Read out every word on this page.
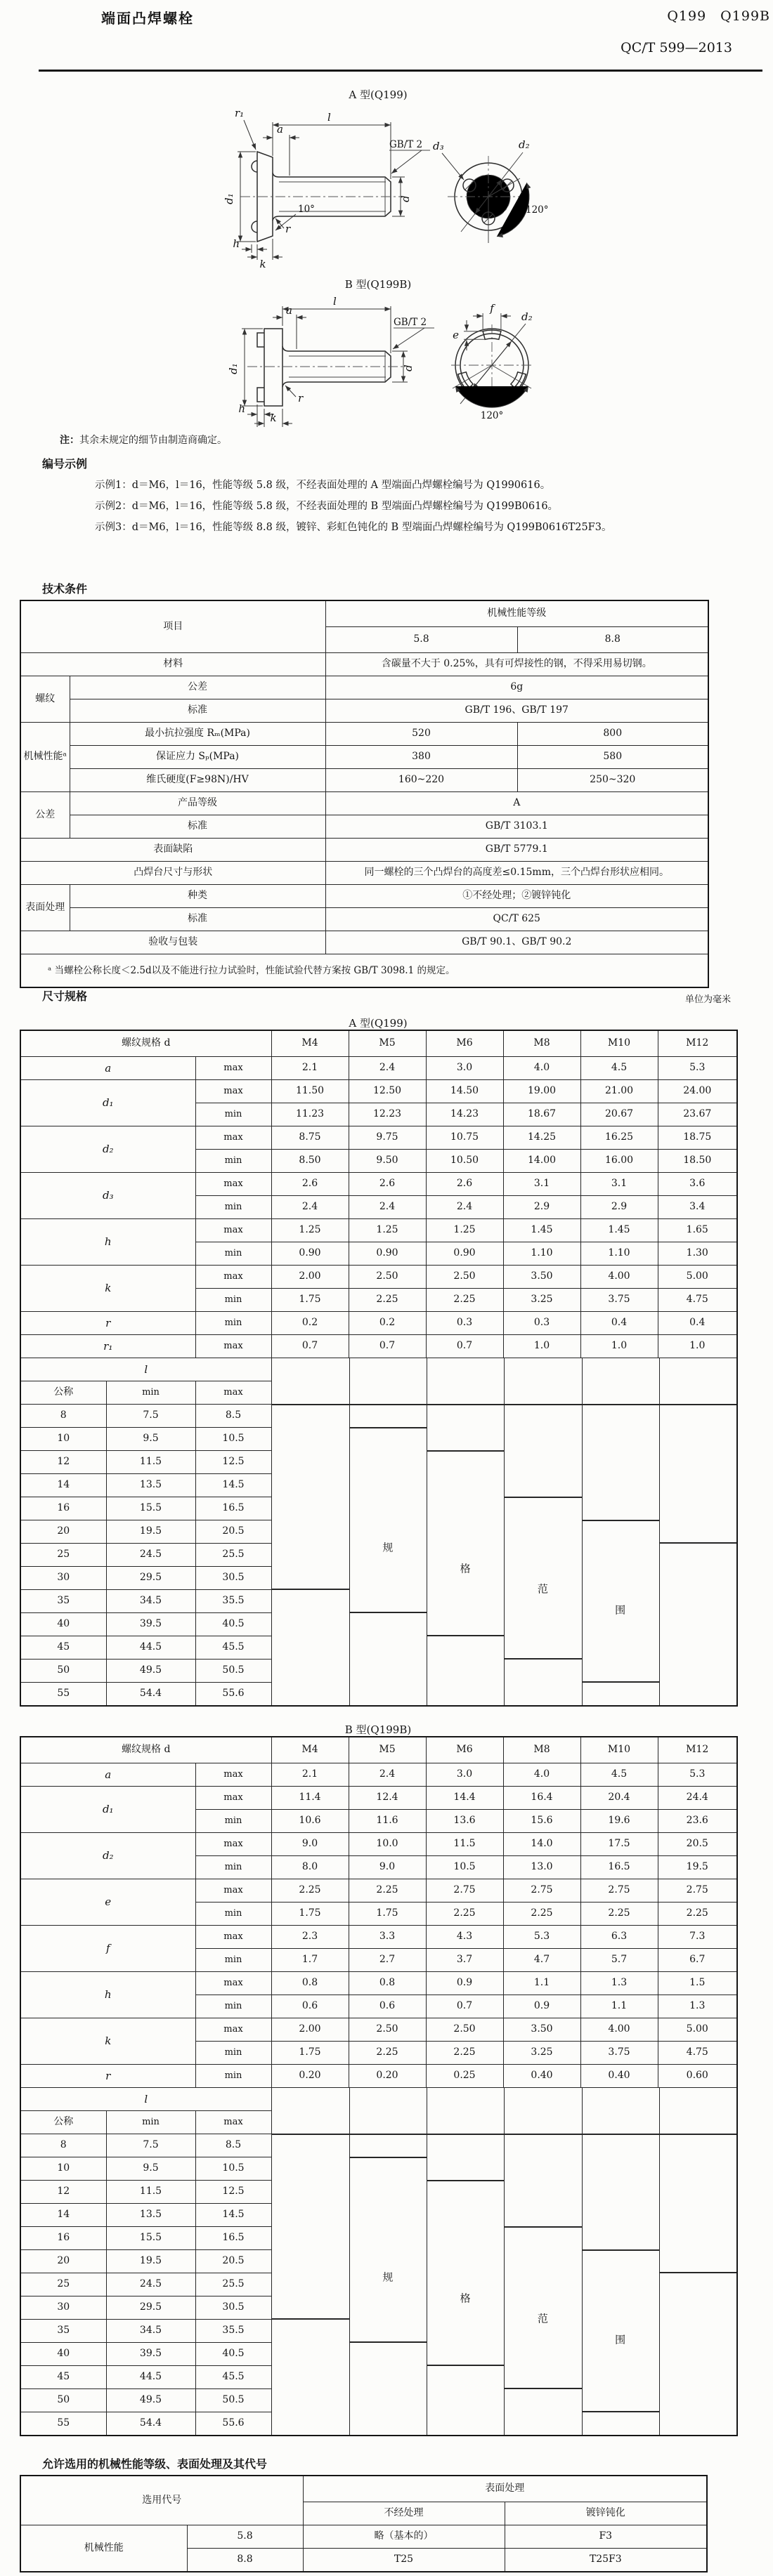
端面凸焊螺栓	Q199　Q199B
QC/T 599—2013
A 型(Q199)
B 型(Q199B)
l
a
r₁
d₁
GB/T 2
d
10°
h
k
r
d₂
d₃
120°
l
a
d₁
GB/T 2
d
r
h
k
d₂
e
f
120°
注：其余未规定的细节由制造商确定。
编号示例

示例1：d＝M6，l＝16，性能等级 5.8 级，不经表面处理的 A 型端面凸焊螺栓编号为 Q1990616。

示例2：d＝M6，l＝16，性能等级 5.8 级，不经表面处理的 B 型端面凸焊螺栓编号为 Q199B0616。

示例3：d＝M6，l＝16，性能等级 8.8 级，镀锌、彩虹色钝化的 B 型端面凸焊螺栓编号为 Q199B0616T25F3。

技术条件
项目		机械性能等级	
		5.8	8.8
材料		含碳量不大于 0.25%，具有可焊接性的钢，不得采用易切钢。	
螺纹	公差	6g	
	标准	GB/T 196、GB/T 197	
机械性能ᵃ	最小抗拉强度 Rₘ(MPa)	520	800
	保证应力 Sₚ(MPa)	380	580
	维氏硬度(F≥98N)/HV	160~220	250~320
公差	产品等级	A	
	标准	GB/T 3103.1	
表面缺陷		GB/T 5779.1	
凸焊台尺寸与形状		同一螺栓的三个凸焊台的高度差≤0.15mm，三个凸焊台形状应相同。	
表面处理	种类	①不经处理；②镀锌钝化	
	标准	QC/T 625	
验收与包装		GB/T 90.1、GB/T 90.2	
ᵃ 当螺栓公称长度＜2.5d以及不能进行拉力试验时，性能试验代替方案按 GB/T 3098.1 的规定。			
尺寸规格	单位为毫米
A 型(Q199)
螺纹规格 d			M4	M5	M6	M8	M10	M12
a		max	2.1	2.4	3.0	4.0	4.5	5.3
d₁		max	11.50	12.50	14.50	19.00	21.00	24.00
		min	11.23	12.23	14.23	18.67	20.67	23.67
d₂		max	8.75	9.75	10.75	14.25	16.25	18.75
		min	8.50	9.50	10.50	14.00	16.00	18.50
d₃		max	2.6	2.6	2.6	3.1	3.1	3.6
		min	2.4	2.4	2.4	2.9	2.9	3.4
h		max	1.25	1.25	1.25	1.45	1.45	1.65
		min	0.90	0.90	0.90	1.10	1.10	1.30
k		max	2.00	2.50	2.50	3.50	4.00	5.00
		min	1.75	2.25	2.25	3.25	3.75	4.75
r		min	0.2	0.2	0.3	0.3	0.4	0.4
r₁		max	0.7	0.7	0.7	1.0	1.0	1.0
l			规
格
范
围					

公称	min	max						
8	7.5	8.5						
10	9.5	10.5						
12	11.5	12.5						
14	13.5	14.5						
16	15.5	16.5						
20	19.5	20.5						
25	24.5	25.5						
30	29.5	30.5						
35	34.5	35.5						
40	39.5	40.5						
45	44.5	45.5						
50	49.5	50.5						
55	54.4	55.6						
B 型(Q199B)
螺纹规格 d			M4	M5	M6	M8	M10	M12
a		max	2.1	2.4	3.0	4.0	4.5	5.3
d₁		max	11.4	12.4	14.4	16.4	20.4	24.4
		min	10.6	11.6	13.6	15.6	19.6	23.6
d₂		max	9.0	10.0	11.5	14.0	17.5	20.5
		min	8.0	9.0	10.5	13.0	16.5	19.5
e		max	2.25	2.25	2.75	2.75	2.75	2.75
		min	1.75	1.75	2.25	2.25	2.25	2.25
f		max	2.3	3.3	4.3	5.3	6.3	7.3
		min	1.7	2.7	3.7	4.7	5.7	6.7
h		max	0.8	0.8	0.9	1.1	1.3	1.5
		min	0.6	0.6	0.7	0.9	1.1	1.3
k		max	2.00	2.50	2.50	3.50	4.00	5.00
		min	1.75	2.25	2.25	3.25	3.75	4.75
r		min	0.20	0.20	0.25	0.40	0.40	0.60
l			规
格
范
围					

公称	min	max						
8	7.5	8.5						
10	9.5	10.5						
12	11.5	12.5						
14	13.5	14.5						
16	15.5	16.5						
20	19.5	20.5						
25	24.5	25.5						
30	29.5	30.5						
35	34.5	35.5						
40	39.5	40.5						
45	44.5	45.5						
50	49.5	50.5						
55	54.4	55.6						
允许选用的机械性能等级、表面处理及其代号
选用代号		表面处理	
		不经处理	镀锌钝化
机械性能	5.8	略（基本的）	F3
	8.8	T25	T25F3
